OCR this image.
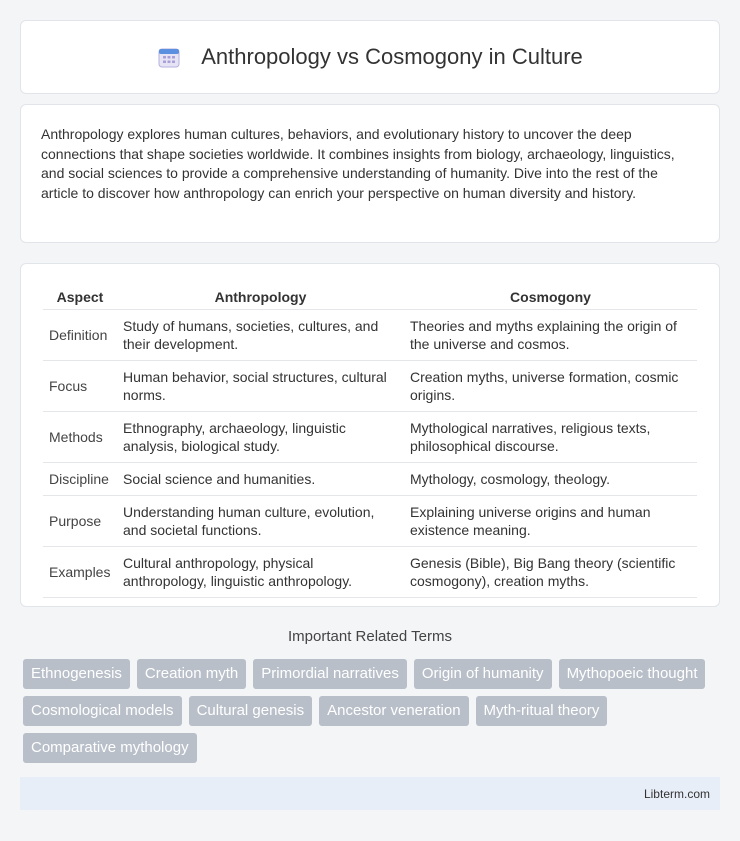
Anthropology vs Cosmogony in Culture

Anthropology explores human cultures, behaviors, and evolutionary history to uncover the deep connections that shape societies worldwide. It combines insights from biology, archaeology, linguistics, and social sciences to provide a comprehensive understanding of humanity. Dive into the rest of the article to discover how anthropology can enrich your perspective on human diversity and history.

Aspect	Anthropology	Cosmogony
Definition	Study of humans, societies, cultures, and their development.	Theories and myths explaining the origin of the universe and cosmos.
Focus	Human behavior, social structures, cultural norms.	Creation myths, universe formation, cosmic origins.
Methods	Ethnography, archaeology, linguistic analysis, biological study.	Mythological narratives, religious texts, philosophical discourse.
Discipline	Social science and humanities.	Mythology, cosmology, theology.
Purpose	Understanding human culture, evolution, and societal functions.	Explaining universe origins and human existence meaning.
Examples	Cultural anthropology, physical anthropology, linguistic anthropology.	Genesis (Bible), Big Bang theory (scientific cosmogony), creation myths.
Important Related Terms
Ethnogenesis	Creation myth	Primordial narratives	Origin of humanity	Mythopoeic thought
Cosmological models	Cultural genesis	Ancestor veneration	Myth-ritual theory
Comparative mythology
Libterm.com
